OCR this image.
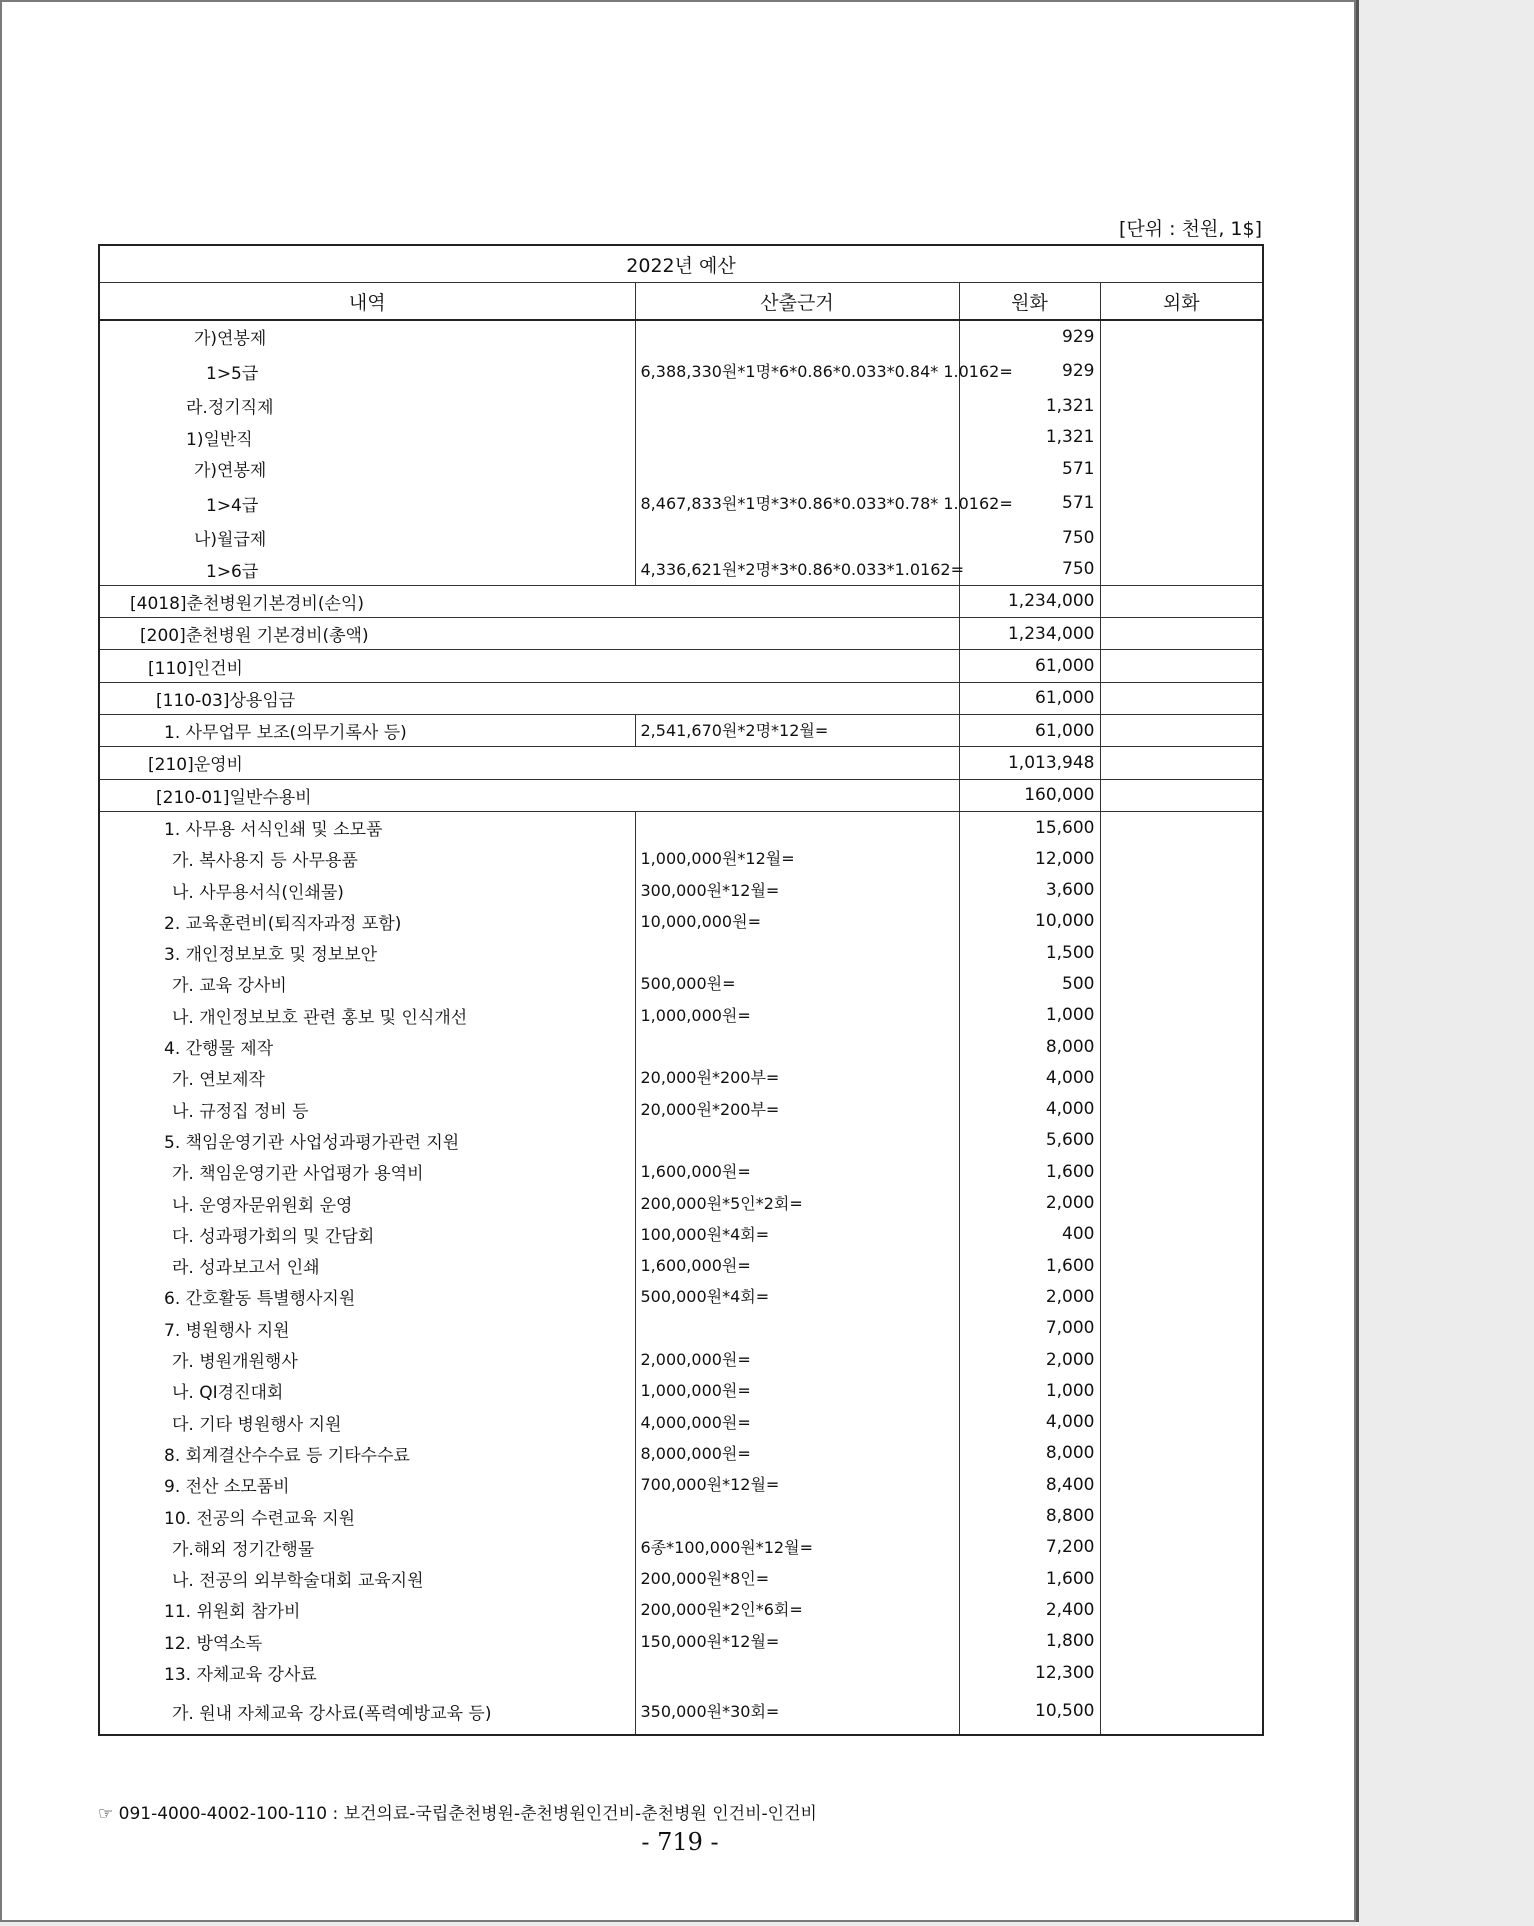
[단위 : 천원, 1$]
2022년 예산			
내역	산출근거	원화	외화
가)연봉제		929	
1>5급	6,388,330원*1명*6*0.86*0.033*0.84* 1.0162=	929	
라.정기직제		1,321	
1)일반직		1,321	
가)연봉제		571	
1>4급	8,467,833원*1명*3*0.86*0.033*0.78* 1.0162=	571	
나)월급제		750	
1>6급	4,336,621원*2명*3*0.86*0.033*1.0162=	750	
[4018]춘천병원기본경비(손익)		1,234,000	
[200]춘천병원 기본경비(총액)		1,234,000	
[110]인건비		61,000	
[110-03]상용임금		61,000	
1. 사무업무 보조(의무기록사 등)	2,541,670원*2명*12월=	61,000	
[210]운영비		1,013,948	
[210-01]일반수용비		160,000	
1. 사무용 서식인쇄 및 소모품		15,600	
가. 복사용지 등 사무용품	1,000,000원*12월=	12,000	
나. 사무용서식(인쇄물)	300,000원*12월=	3,600	
2. 교육훈련비(퇴직자과정 포함)	10,000,000원=	10,000	
3. 개인정보보호 및 정보보안		1,500	
가. 교육 강사비	500,000원=	500	
나. 개인정보보호 관련 홍보 및 인식개선	1,000,000원=	1,000	
4. 간행물 제작		8,000	
가. 연보제작	20,000원*200부=	4,000	
나. 규정집 정비 등	20,000원*200부=	4,000	
5. 책임운영기관 사업성과평가관련 지원		5,600	
가. 책임운영기관 사업평가 용역비	1,600,000원=	1,600	
나. 운영자문위원회 운영	200,000원*5인*2회=	2,000	
다. 성과평가회의 및 간담회	100,000원*4회=	400	
라. 성과보고서 인쇄	1,600,000원=	1,600	
6. 간호활동 특별행사지원	500,000원*4회=	2,000	
7. 병원행사 지원		7,000	
가. 병원개원행사	2,000,000원=	2,000	
나. QI경진대회	1,000,000원=	1,000	
다. 기타 병원행사 지원	4,000,000원=	4,000	
8. 회계결산수수료 등 기타수수료	8,000,000원=	8,000	
9. 전산 소모품비	700,000원*12월=	8,400	
10. 전공의 수련교육 지원		8,800	
가.해외 정기간행물	6종*100,000원*12월=	7,200	
나. 전공의 외부학술대회 교육지원	200,000원*8인=	1,600	
11. 위원회 참가비	200,000원*2인*6회=	2,400	
12. 방역소독	150,000원*12월=	1,800	
13. 자체교육 강사료		12,300	
가. 원내 자체교육 강사료(폭력예방교육 등)	350,000원*30회=	10,500	
☞ 091-4000-4002-100-110 : 보건의료-국립춘천병원-춘천병원인건비-춘천병원 인건비-인건비
- 719 -
